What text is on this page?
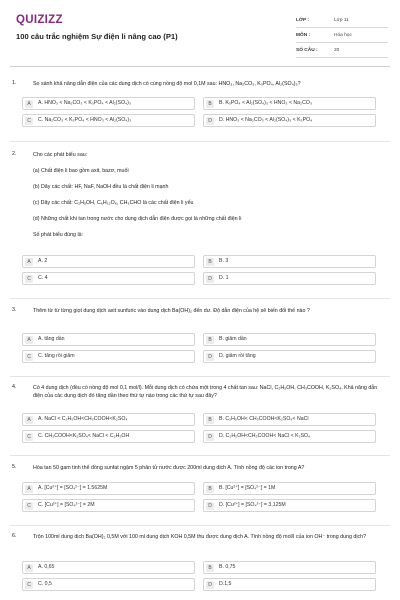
QUIZIZZ
100 câu trắc nghiệm Sự điện li nâng cao (P1)
LỚP :	Lớp 11
MÔN :	Hóa học
SỐ CÂU :	20
1.	So sánh khả năng dẫn điện của các dung dịch có cùng nồng độ mol 0,1M sau: HNO₃, Na₂CO₃, K₃PO₄, Al₂(SO₄)₃?
A	A. HNO₃ < Na₂CO₃ < K₃PO₄ < Al₂(SO₄)₃	B	B. K₃PO₄ < Al₂(SO₄)₃ < HNO₃ < Na₂CO₃
C	C. Na₂CO₃ < K₃PO₄ < HNO₃ < Al₂(SO₄)₃	D	D. HNO₃ < Na₂CO₃ < Al₂(SO₄)₃ < K₃PO₄
2.	Cho các phát biểu sau:
(a) Chất điện li bao gồm axit, bazơ, muối
(b) Dãy các chất: HF, NaF, NaOH đều là chất điện li mạnh
(c) Dãy các chất: C₂H₅OH, C₆H₁₂O₆, CH₃CHO là các chất điện li yếu
(d) Những chất khi tan trong nước cho dung dịch dẫn điện được gọi là những chất điện li
Số phát biểu đúng là:
A	A. 2	B	B. 3
C	C. 4	D	D. 1
3.	Thêm từ từ từng giọt dung dịch axit sunfuric vào dung dịch Ba(OH)₂ đến dư. Độ dẫn điện của hệ sẽ biến đổi thế nào ?
A	A. tăng dần	B	B. giảm dần
C	C. tăng rồi giảm	D	D. giảm rồi tăng
4.	Có 4 dung dịch (đều có nồng độ mol 0,1 mol/l). Mỗi dung dịch có chứa một trong 4 chất tan sau: NaCl, C₂H₅OH, CH₃COOH, K₂SO₄. Khả năng dẫn điện của các dung dịch đó tăng dần theo thứ tự nào trong các thứ tự sau đây?
A	A. NaCl < C₂H₅OH<CH₃COOH<K₂SO₄	B	B. C₂H₅OH< CH₃COOH<K₂SO₄< NaCl
C	C. CH₃COOH<K₂SO₄< NaCl < C₂H₅OH	D	D. C₂H₅OH<CH₃COOH< NaCl < K₂SO₄
5.	Hòa tan 50 gam tinh thể đồng sunfat ngậm 5 phân tử nước được 200ml dung dịch A. Tính nồng độ các ion trong A?
A	A. [Cu²⁺] = [SO₄²⁻] = 1.5625M	B	B. [Cu²⁺] = [SO₄²⁻] = 1M
C	C. [Cu²⁺] = [SO₄²⁻] = 2M	D	D. [Cu²⁺] = [SO₄²⁻] = 3,125M
6.	Trộn 100ml dung dịch Ba(OH)₂ 0,5M với 100 ml dung dịch KOH 0,5M thu được dung dịch A. Tính nồng độ mol/l của ion OH⁻ trong dung dịch?
A	A. 0,65	B	B. 0,75
C	C. 0,5	D	D.1,5
